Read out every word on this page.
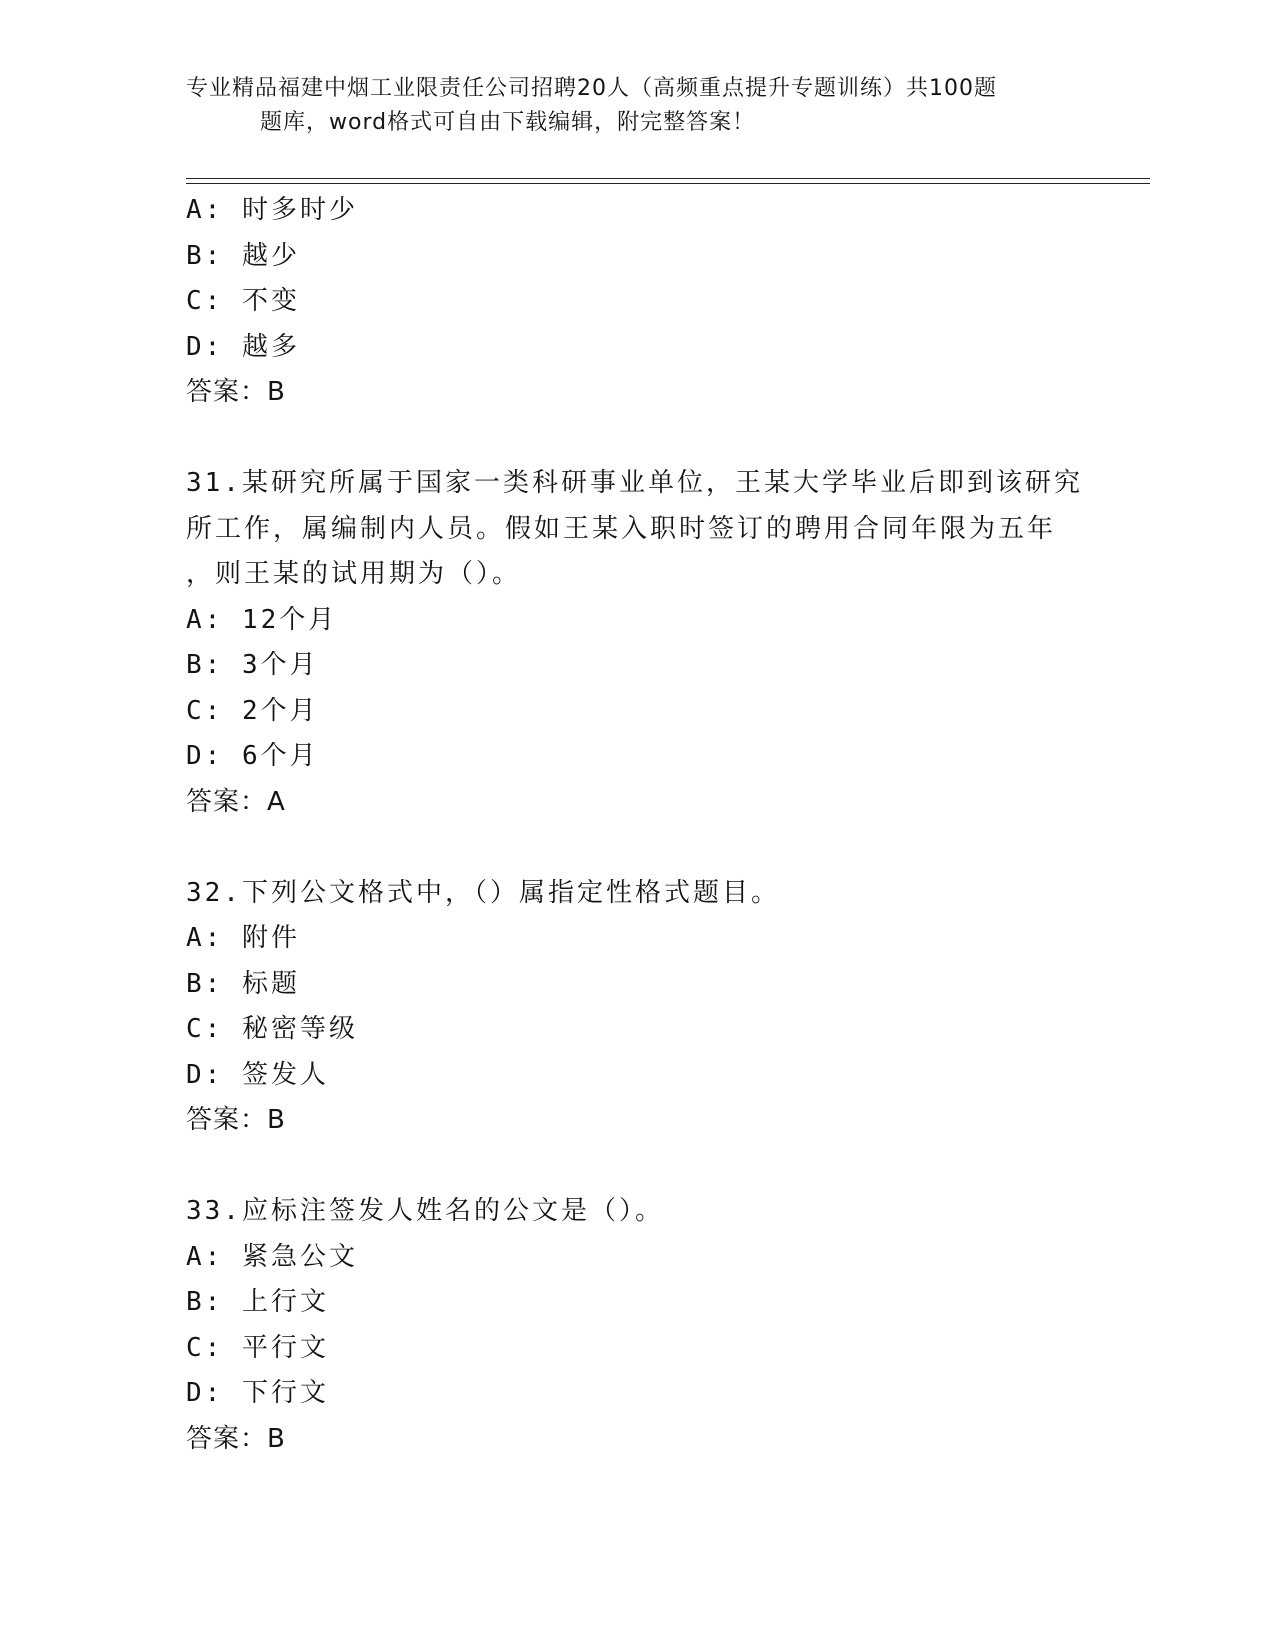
专业精品福建中烟工业限责任公司招聘20人（高频重点提升专题训练）共100题
题库，word格式可自由下载编辑，附完整答案！
A: 时多时少
B: 越少
C: 不变
D: 越多
答案：B
31.某研究所属于国家一类科研事业单位，王某大学毕业后即到该研究
所工作，属编制内人员。假如王某入职时签订的聘用合同年限为五年
，则王某的试用期为（）。
A: 12个月
B: 3个月
C: 2个月
D: 6个月
答案：A
32.下列公文格式中，（）属指定性格式题目。
A: 附件
B: 标题
C: 秘密等级
D: 签发人
答案：B
33.应标注签发人姓名的公文是（）。
A: 紧急公文
B: 上行文
C: 平行文
D: 下行文
答案：B
